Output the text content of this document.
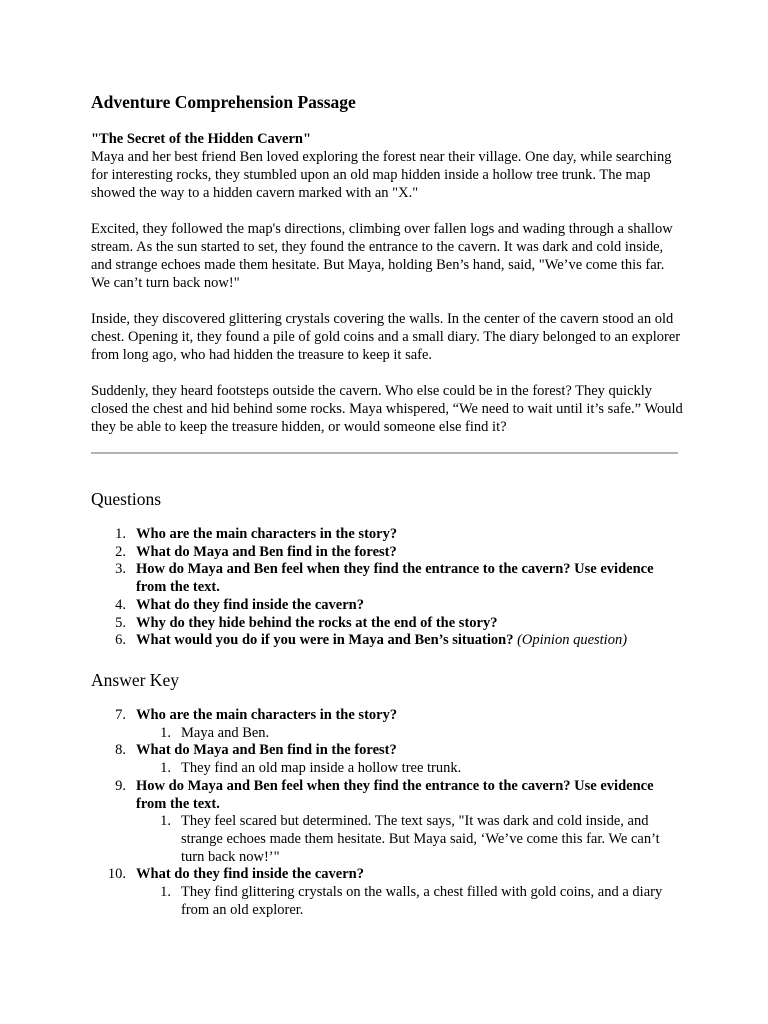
Adventure Comprehension Passage

"The Secret of the Hidden Cavern"
Maya and her best friend Ben loved exploring the forest near their village. One day, while searching for interesting rocks, they stumbled upon an old map hidden inside a hollow tree trunk. The map showed the way to a hidden cavern marked with an "X."

Excited, they followed the map's directions, climbing over fallen logs and wading through a shallow stream. As the sun started to set, they found the entrance to the cavern. It was dark and cold inside, and strange echoes made them hesitate. But Maya, holding Ben’s hand, said, "We’ve come this far. We can’t turn back now!"

Inside, they discovered glittering crystals covering the walls. In the center of the cavern stood an old chest. Opening it, they found a pile of gold coins and a small diary. The diary belonged to an explorer from long ago, who had hidden the treasure to keep it safe.

Suddenly, they heard footsteps outside the cavern. Who else could be in the forest? They quickly closed the chest and hid behind some rocks. Maya whispered, “We need to wait until it’s safe.” Would they be able to keep the treasure hidden, or would someone else find it?

Questions
1. Who are the main characters in the story?
2. What do Maya and Ben find in the forest?
3. How do Maya and Ben feel when they find the entrance to the cavern? Use evidence from the text.
4. What do they find inside the cavern?
5. Why do they hide behind the rocks at the end of the story?
6. What would you do if you were in Maya and Ben’s situation? (Opinion question)
Answer Key
7. Who are the main characters in the story?
1. Maya and Ben.
8. What do Maya and Ben find in the forest?
1. They find an old map inside a hollow tree trunk.
9. How do Maya and Ben feel when they find the entrance to the cavern? Use evidence from the text.
1. They feel scared but determined. The text says, "It was dark and cold inside, and strange echoes made them hesitate. But Maya said, ‘We’ve come this far. We can’t turn back now!’"
10. What do they find inside the cavern?
1. They find glittering crystals on the walls, a chest filled with gold coins, and a diary from an old explorer.
